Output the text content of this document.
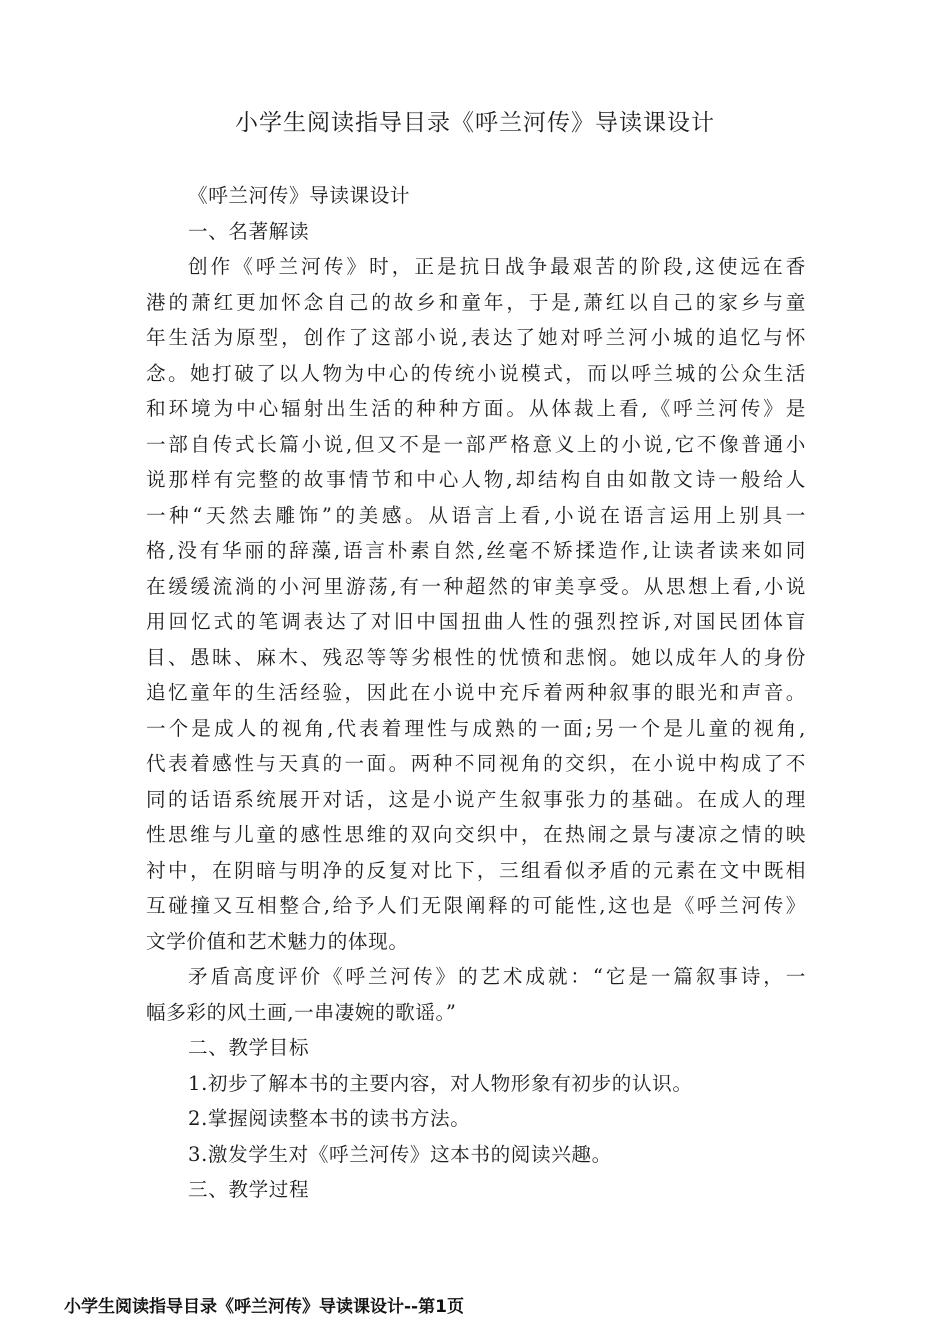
小学生阅读指导目录《呼兰河传》导读课设计

《呼兰河传》导读课设计

一、名著解读

创作《呼兰河传》时，正是抗日战争最艰苦的阶段,这使远在香

港的萧红更加怀念自己的故乡和童年，于是,萧红以自己的家乡与童

年生活为原型，创作了这部小说,表达了她对呼兰河小城的追忆与怀

念。她打破了以人物为中心的传统小说模式，而以呼兰城的公众生活

和环境为中心辐射出生活的种种方面。从体裁上看,《呼兰河传》是

一部自传式长篇小说,但又不是一部严格意义上的小说,它不像普通小

说那样有完整的故事情节和中心人物,却结构自由如散文诗一般给人

一种“天然去雕饰”的美感。从语言上看,小说在语言运用上别具一

格,没有华丽的辞藻,语言朴素自然,丝毫不矫揉造作,让读者读来如同

在缓缓流淌的小河里游荡,有一种超然的审美享受。从思想上看,小说

用回忆式的笔调表达了对旧中国扭曲人性的强烈控诉,对国民团体盲

目、愚昧、麻木、残忍等等劣根性的忧愤和悲悯。她以成年人的身份

追忆童年的生活经验，因此在小说中充斥着两种叙事的眼光和声音。

一个是成人的视角,代表着理性与成熟的一面;另一个是儿童的视角,

代表着感性与天真的一面。两种不同视角的交织，在小说中构成了不

同的话语系统展开对话，这是小说产生叙事张力的基础。在成人的理

性思维与儿童的感性思维的双向交织中，在热闹之景与凄凉之情的映

衬中，在阴暗与明净的反复对比下，三组看似矛盾的元素在文中既相

互碰撞又互相整合,给予人们无限阐释的可能性,这也是《呼兰河传》

文学价值和艺术魅力的体现。

矛盾高度评价《呼兰河传》的艺术成就：“它是一篇叙事诗，一

幅多彩的风土画,一串凄婉的歌谣。”

二、教学目标

1.初步了解本书的主要内容，对人物形象有初步的认识。

2.掌握阅读整本书的读书方法。

3.激发学生对《呼兰河传》这本书的阅读兴趣。

三、教学过程

小学生阅读指导目录《呼兰河传》导读课设计--第1页
